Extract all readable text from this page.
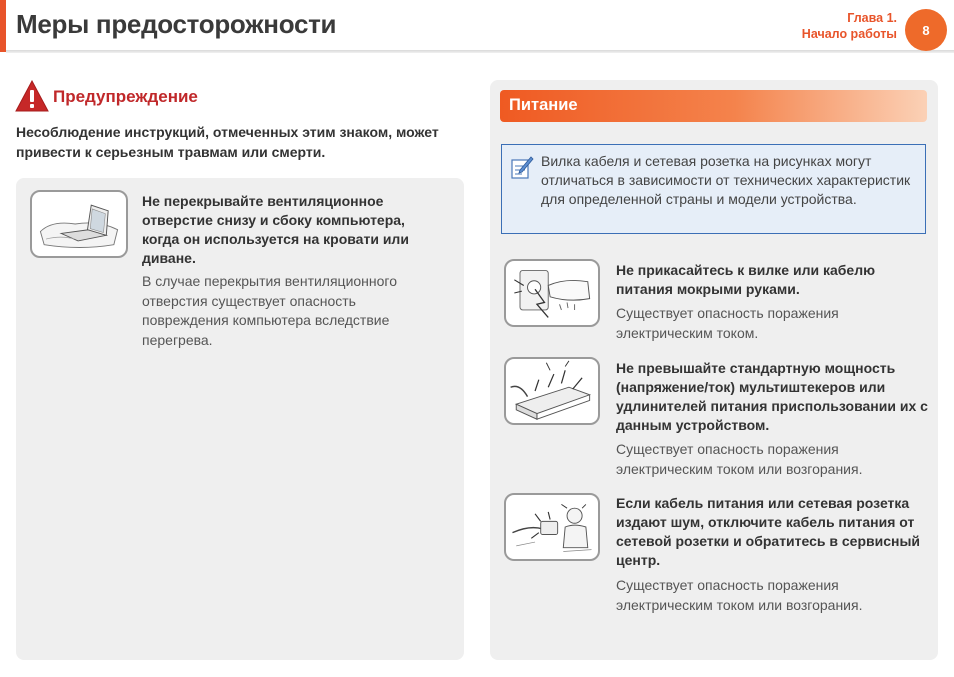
Меры предосторожности	Глава 1.
Начало работы	8
Предупреждение
Несоблюдение инструкций, отмеченных этим знаком, может привести к серьезным травмам или смерти.
Не перекрывайте вентиляционное отверстие снизу и сбоку компьютера, когда он используется на кровати или диване.
В случае перекрытия вентиляционного отверстия существует опасность повреждения компьютера вследствие перегрева.
Питание
Вилка кабеля и сетевая розетка на рисунках могут отличаться в зависимости от технических характеристик для определенной страны и модели устройства.
Не прикасайтесь к вилке или кабелю питания мокрыми руками.
Существует опасность поражения электрическим током.
Не превышайте стандартную мощность (напряжение/ток) мультиштекеров или удлинителей питания приспользовании их с данным устройством.
Существует опасность поражения электрическим током или возгорания.
Если кабель питания или сетевая розетка издают шум, отключите кабель питания от сетевой розетки и обратитесь в сервисный центр.
Существует опасность поражения электрическим током или возгорания.
